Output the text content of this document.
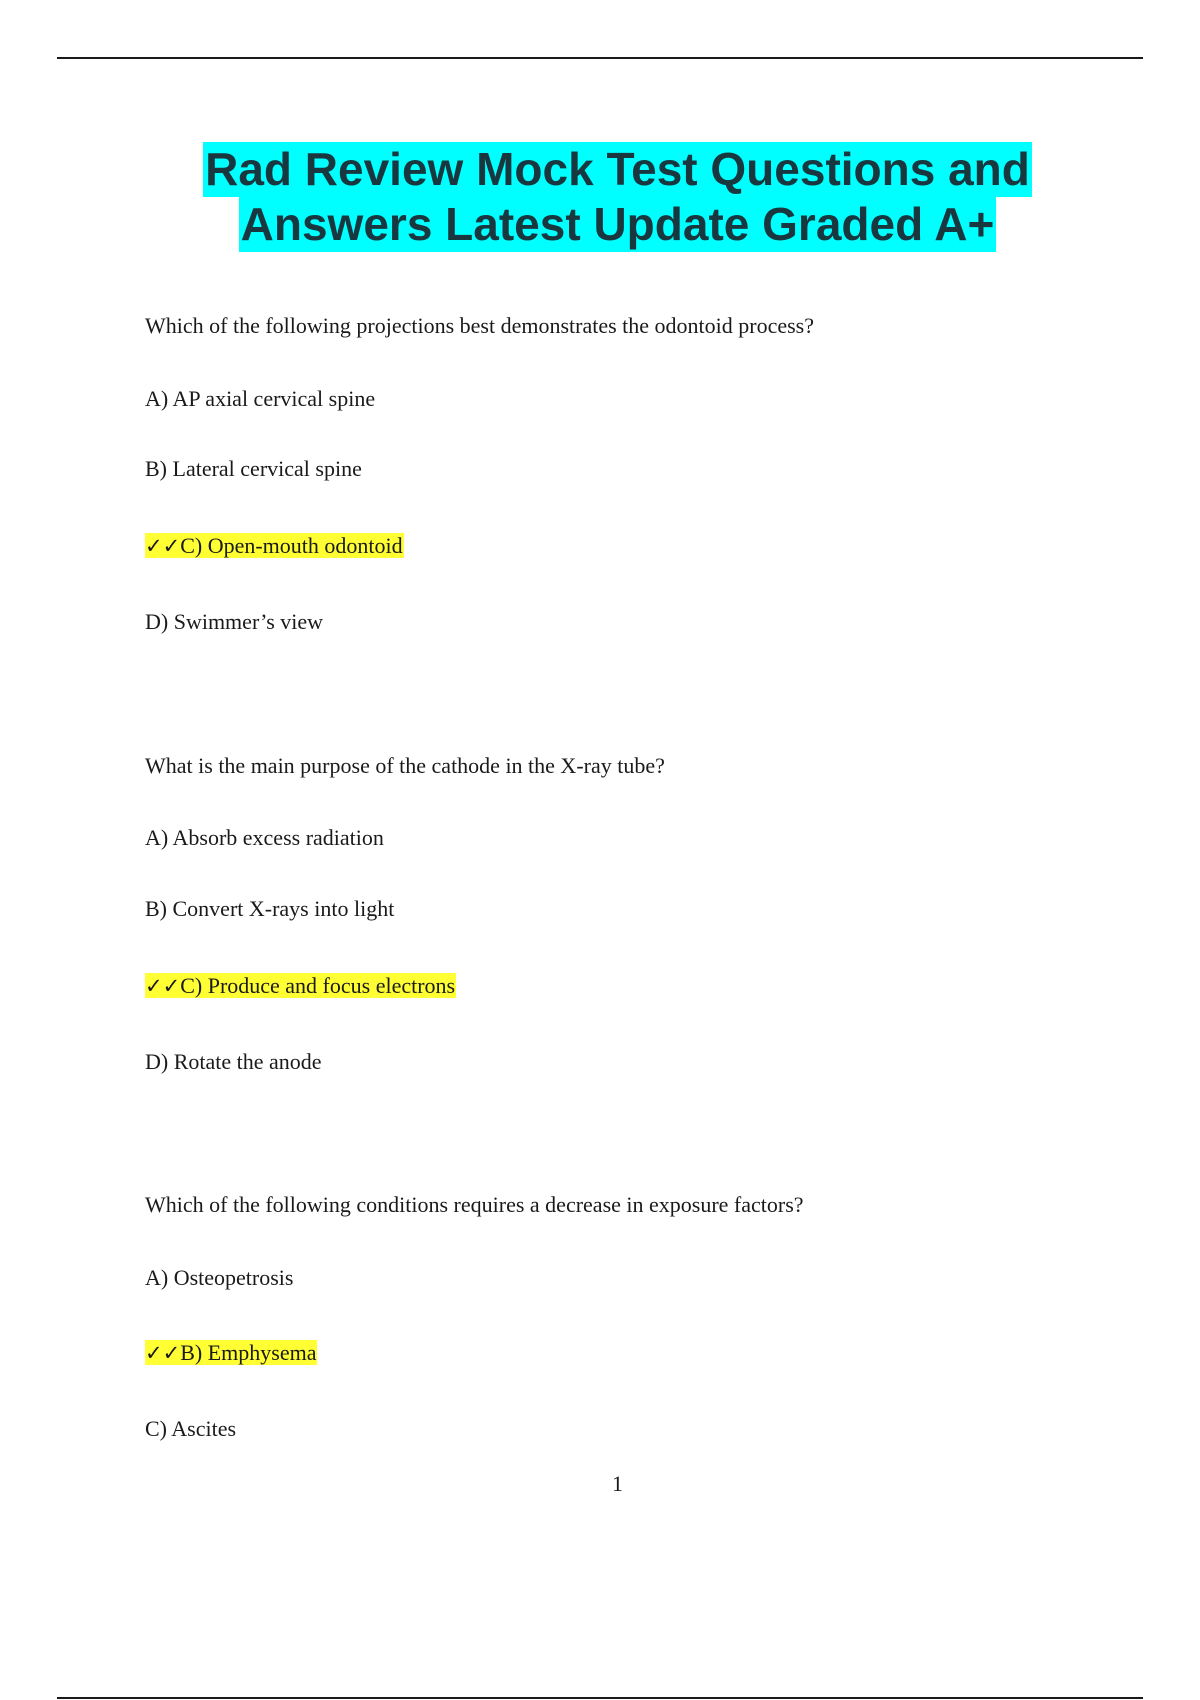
Rad Review Mock Test Questions and
Answers Latest Update Graded A+
Which of the following projections best demonstrates the odontoid process?
A) AP axial cervical spine
B) Lateral cervical spine
✓✓C) Open-mouth odontoid
D) Swimmer’s view
What is the main purpose of the cathode in the X-ray tube?
A) Absorb excess radiation
B) Convert X-rays into light
✓✓C) Produce and focus electrons
D) Rotate the anode
Which of the following conditions requires a decrease in exposure factors?
A) Osteopetrosis
✓✓B) Emphysema
C) Ascites
1
